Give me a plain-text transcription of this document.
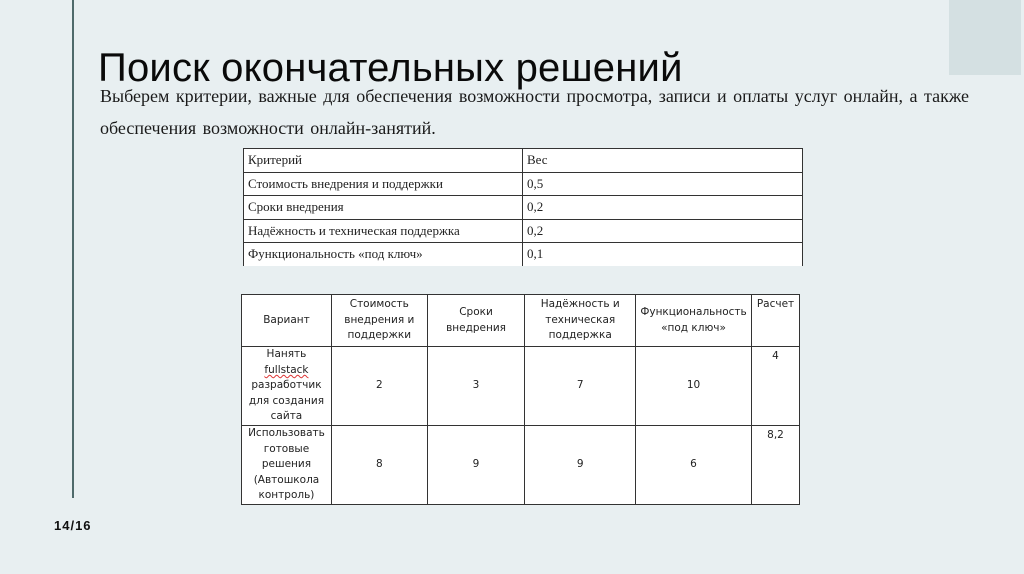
Поиск окончательных решений
Выберем критерии, важные для обеспечения возможности просмотра, записи и оплаты услуг онлайн, а также обеспечения возможности онлайн-занятий.
Критерий	Вес
Стоимость внедрения и поддержки	0,5
Сроки внедрения	0,2
Надёжность и техническая поддержка	0,2
Функциональность «под ключ»	0,1
Вариант	Стоимость внедрения и поддержки	Сроки внедрения	Надёжность и техническая поддержка	Функциональность «под ключ»	Расчет
Нанять fullstack разработчик для создания сайта	2	3	7	10	4
Использовать готовые решения (Автошкола контроль)	8	9	9	6	8,2
14/16
